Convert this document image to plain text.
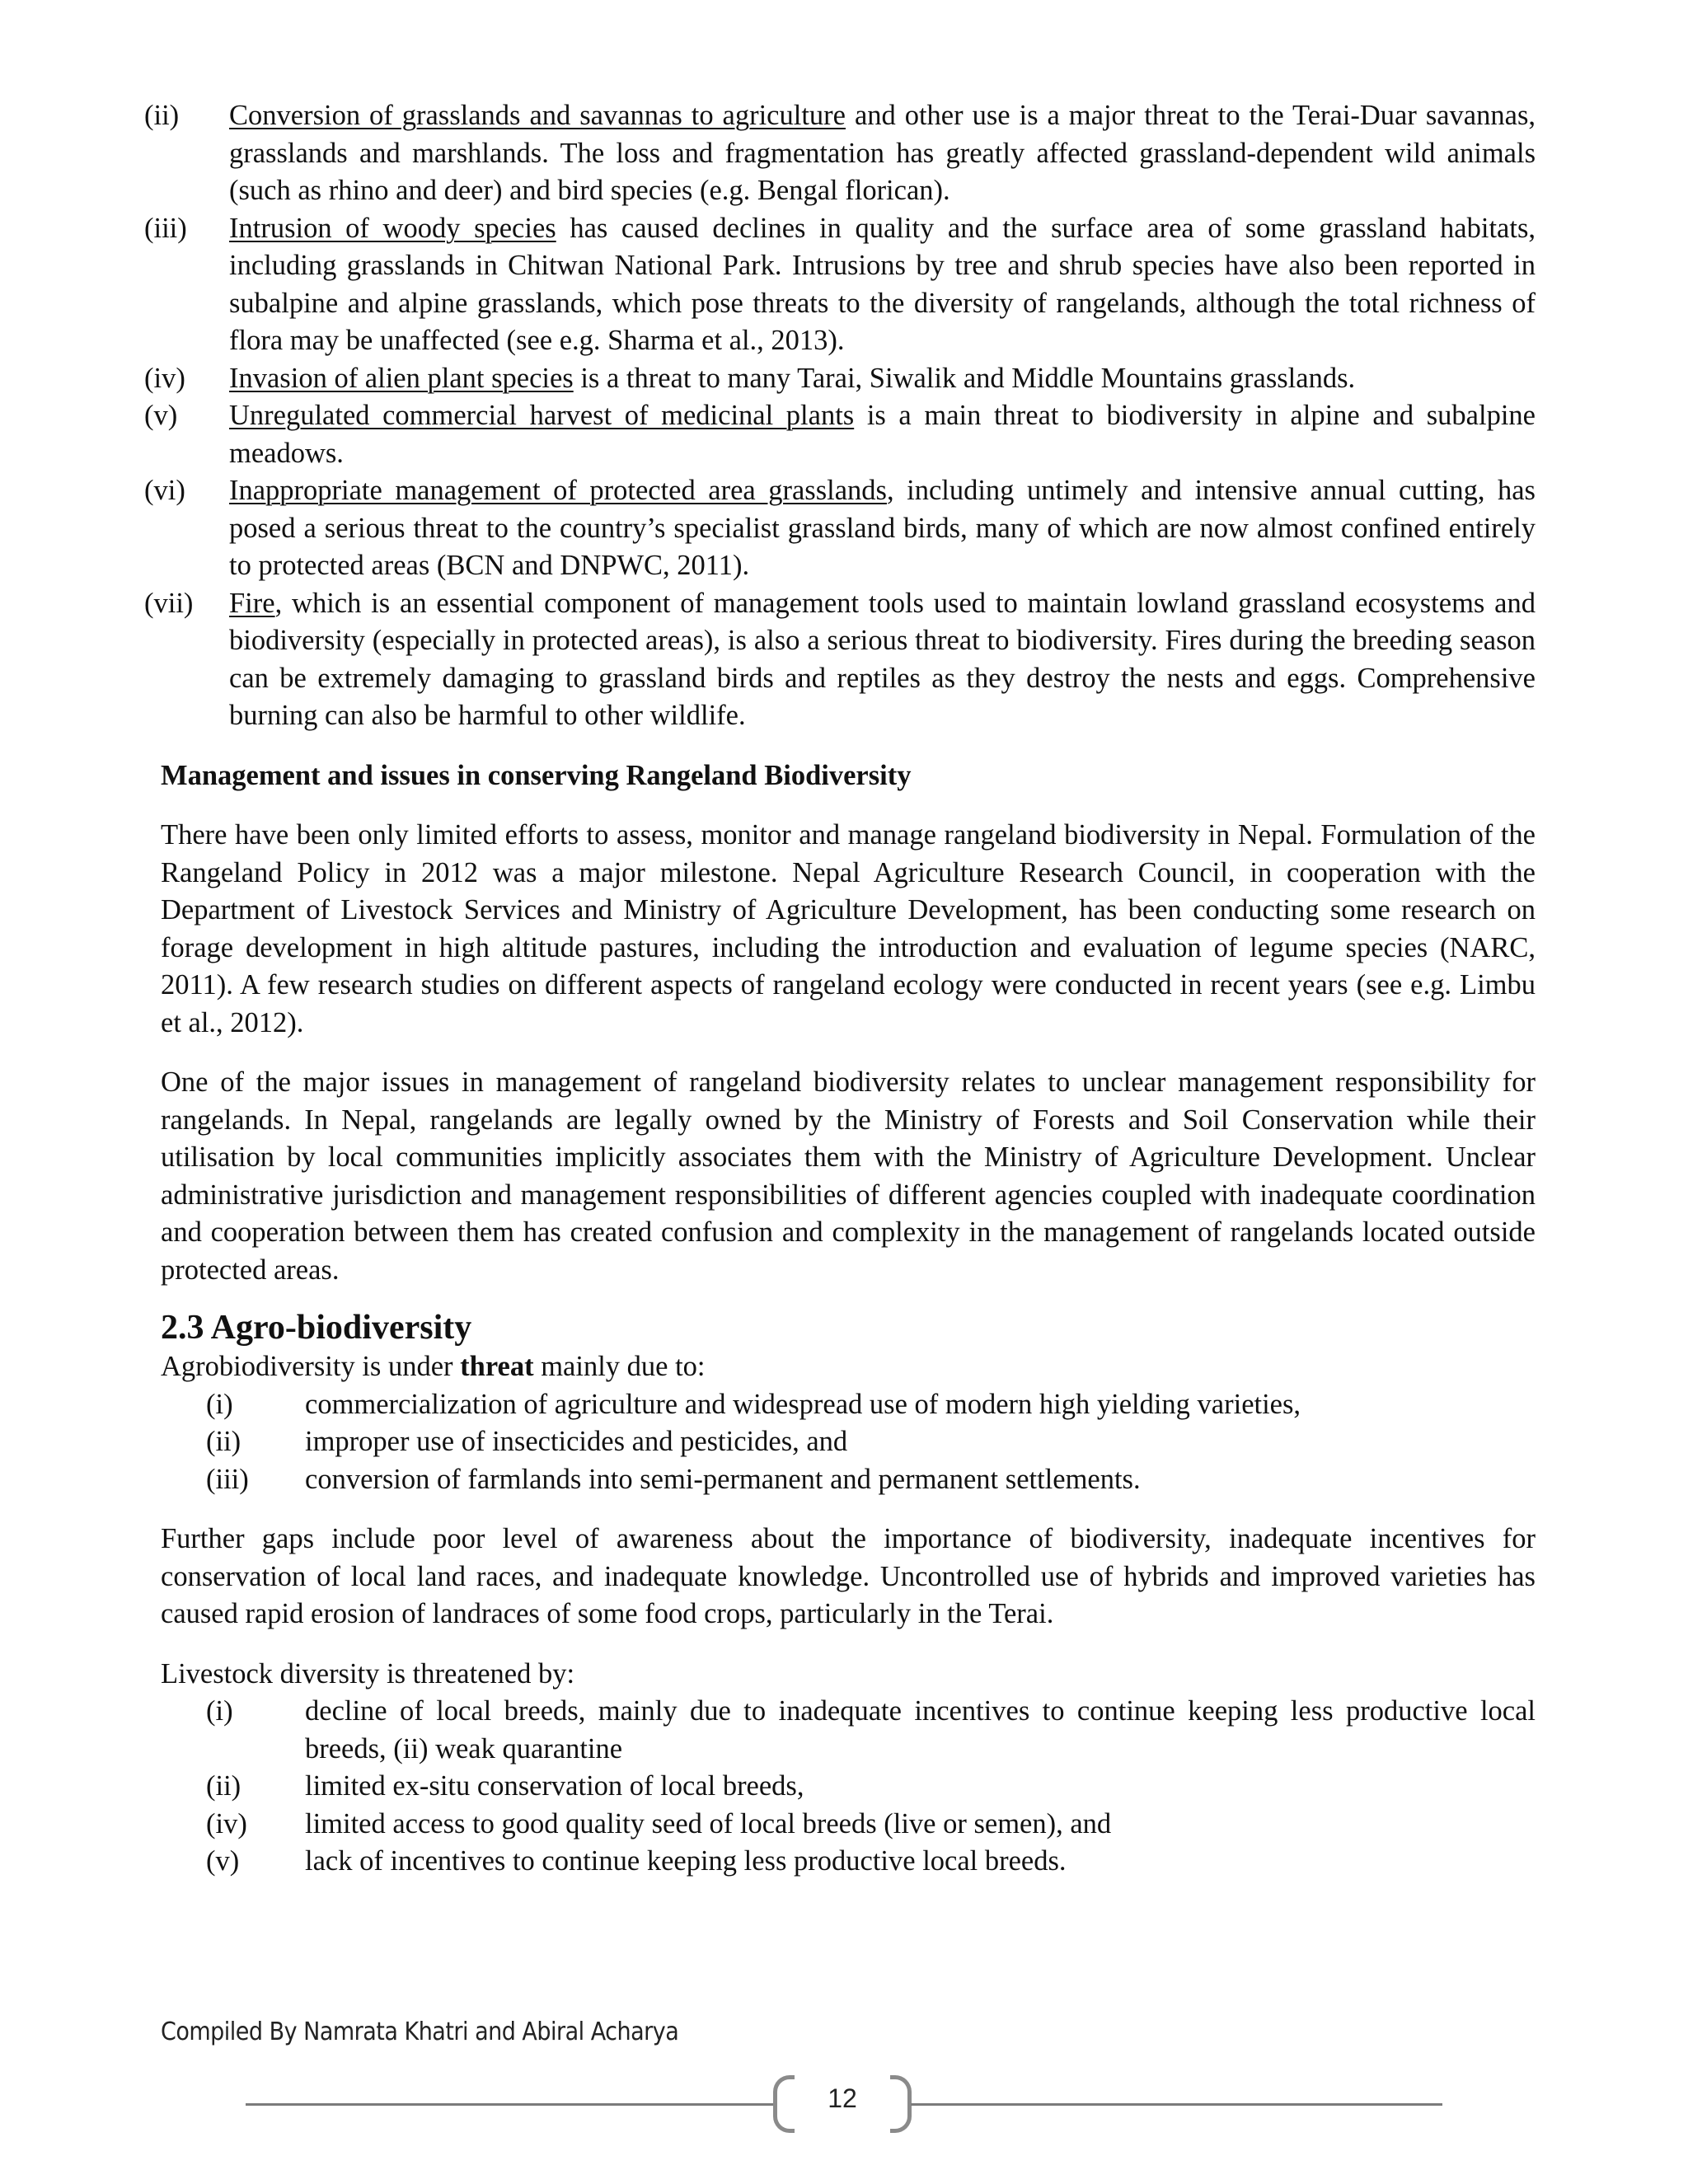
(ii)	Conversion of grasslands and savannas to agriculture and other use is a major threat to the Terai-Duar savannas, grasslands and marshlands. The loss and fragmentation has greatly affected grassland-dependent wild animals (such as rhino and deer) and bird species (e.g. Bengal florican).
(iii)	Intrusion of woody species has caused declines in quality and the surface area of some grassland habitats, including grasslands in Chitwan National Park. Intrusions by tree and shrub species have also been reported in subalpine and alpine grasslands, which pose threats to the diversity of rangelands, although the total richness of flora may be unaffected (see e.g. Sharma et al., 2013).
(iv)	Invasion of alien plant species is a threat to many Tarai, Siwalik and Middle Mountains grasslands.
(v)	Unregulated commercial harvest of medicinal plants is a main threat to biodiversity in alpine and subalpine meadows.
(vi)	Inappropriate management of protected area grasslands, including untimely and intensive annual cutting, has posed a serious threat to the country’s specialist grassland birds, many of which are now almost confined entirely to protected areas (BCN and DNPWC, 2011).
(vii)	Fire, which is an essential component of management tools used to maintain lowland grassland ecosystems and biodiversity (especially in protected areas), is also a serious threat to biodiversity. Fires during the breeding season can be extremely damaging to grassland birds and reptiles as they destroy the nests and eggs. Comprehensive burning can also be harmful to other wildlife.

Management and issues in conserving Rangeland Biodiversity

There have been only limited efforts to assess, monitor and manage rangeland biodiversity in Nepal. Formulation of the Rangeland Policy in 2012 was a major milestone. Nepal Agriculture Research Council, in cooperation with the Department of Livestock Services and Ministry of Agriculture Development, has been conducting some research on forage development in high altitude pastures, including the introduction and evaluation of legume species (NARC, 2011). A few research studies on different aspects of rangeland ecology were conducted in recent years (see e.g. Limbu et al., 2012).

One of the major issues in management of rangeland biodiversity relates to unclear management responsibility for rangelands. In Nepal, rangelands are legally owned by the Ministry of Forests and Soil Conservation while their utilisation by local communities implicitly associates them with the Ministry of Agriculture Development. Unclear administrative jurisdiction and management responsibilities of different agencies coupled with inadequate coordination and cooperation between them has created confusion and complexity in the management of rangelands located outside protected areas.

2.3 Agro-biodiversity

Agrobiodiversity is under threat mainly due to:

(i)	commercialization of agriculture and widespread use of modern high yielding varieties,
(ii)	improper use of insecticides and pesticides, and
(iii)	conversion of farmlands into semi-permanent and permanent settlements.

Further gaps include poor level of awareness about the importance of biodiversity, inadequate incentives for conservation of local land races, and inadequate knowledge. Uncontrolled use of hybrids and improved varieties has caused rapid erosion of landraces of some food crops, particularly in the Terai.

Livestock diversity is threatened by:

(i)	decline of local breeds, mainly due to inadequate incentives to continue keeping less productive local breeds, (ii) weak quarantine
(ii)	limited ex-situ conservation of local breeds,
(iv)	limited access to good quality seed of local breeds (live or semen), and
(v)	lack of incentives to continue keeping less productive local breeds.
Compiled By Namrata Khatri and Abiral Acharya
12
